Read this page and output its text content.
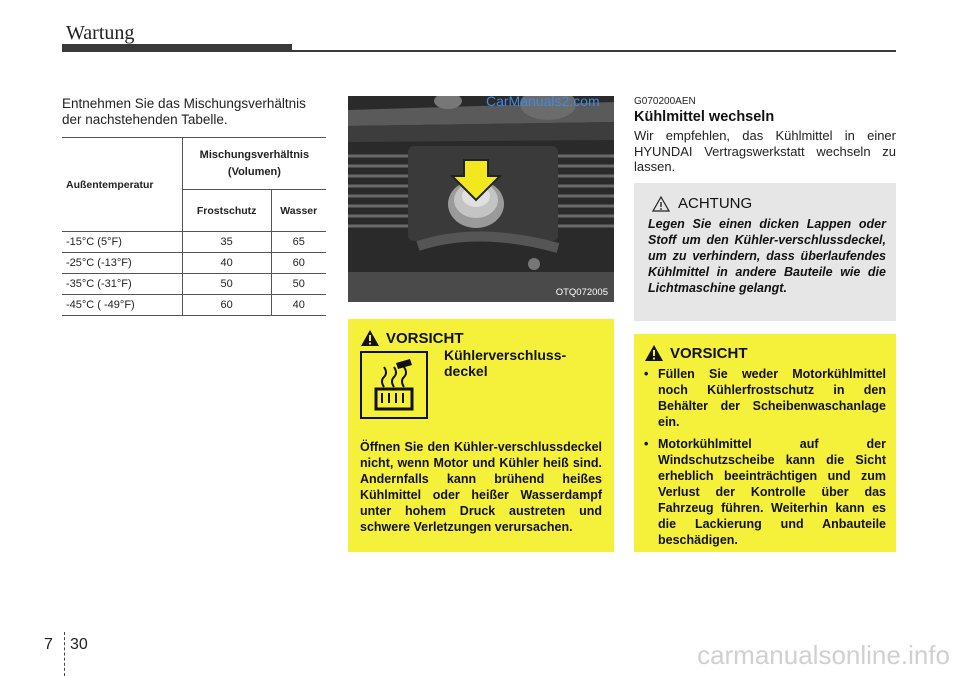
Wartung

Entnehmen Sie das Mischungsverhältnis der nachstehenden Tabelle.

Außentemperatur	Mischungsverhältnis
(Volumen)	
	Frostschutz	Wasser
-15°C (5°F)	35	65
-25°C (-13°F)	40	60
-35°C (-31°F)	50	50
-45°C ( -49°F)	60	40
OTQ072005
CarManuals2.com	G070200AEN
Kühlmittel wechseln

Wir empfehlen, das Kühlmittel in einer HYUNDAI Vertragswerkstatt wechseln zu lassen.

ACHTUNG

Legen Sie einen dicken Lappen oder Stoff um den Kühler-verschlussdeckel, um zu verhindern, dass überlaufendes Kühlmittel in andere Bauteile wie die Lichtmaschine gelangt.

VORSICHT
Kühlerverschluss-deckel

Öffnen Sie den Kühler-verschlussdeckel nicht, wenn Motor und Kühler heiß sind. Andernfalls kann brühend heißes Kühlmittel oder heißer Wasserdampf unter hohem Druck austreten und schwere Verletzungen verursachen.

VORSICHT
• Füllen Sie weder Motorkühlmittel noch Kühlerfrostschutz in den Behälter der Scheibenwaschanlage ein.
• Motorkühlmittel auf der Windschutzscheibe kann die Sicht erheblich beeinträchtigen und zum Verlust der Kontrolle über das Fahrzeug führen. Weiterhin kann es die Lackierung und Anbauteile beschädigen.
7 30	carmanualsonline.info
